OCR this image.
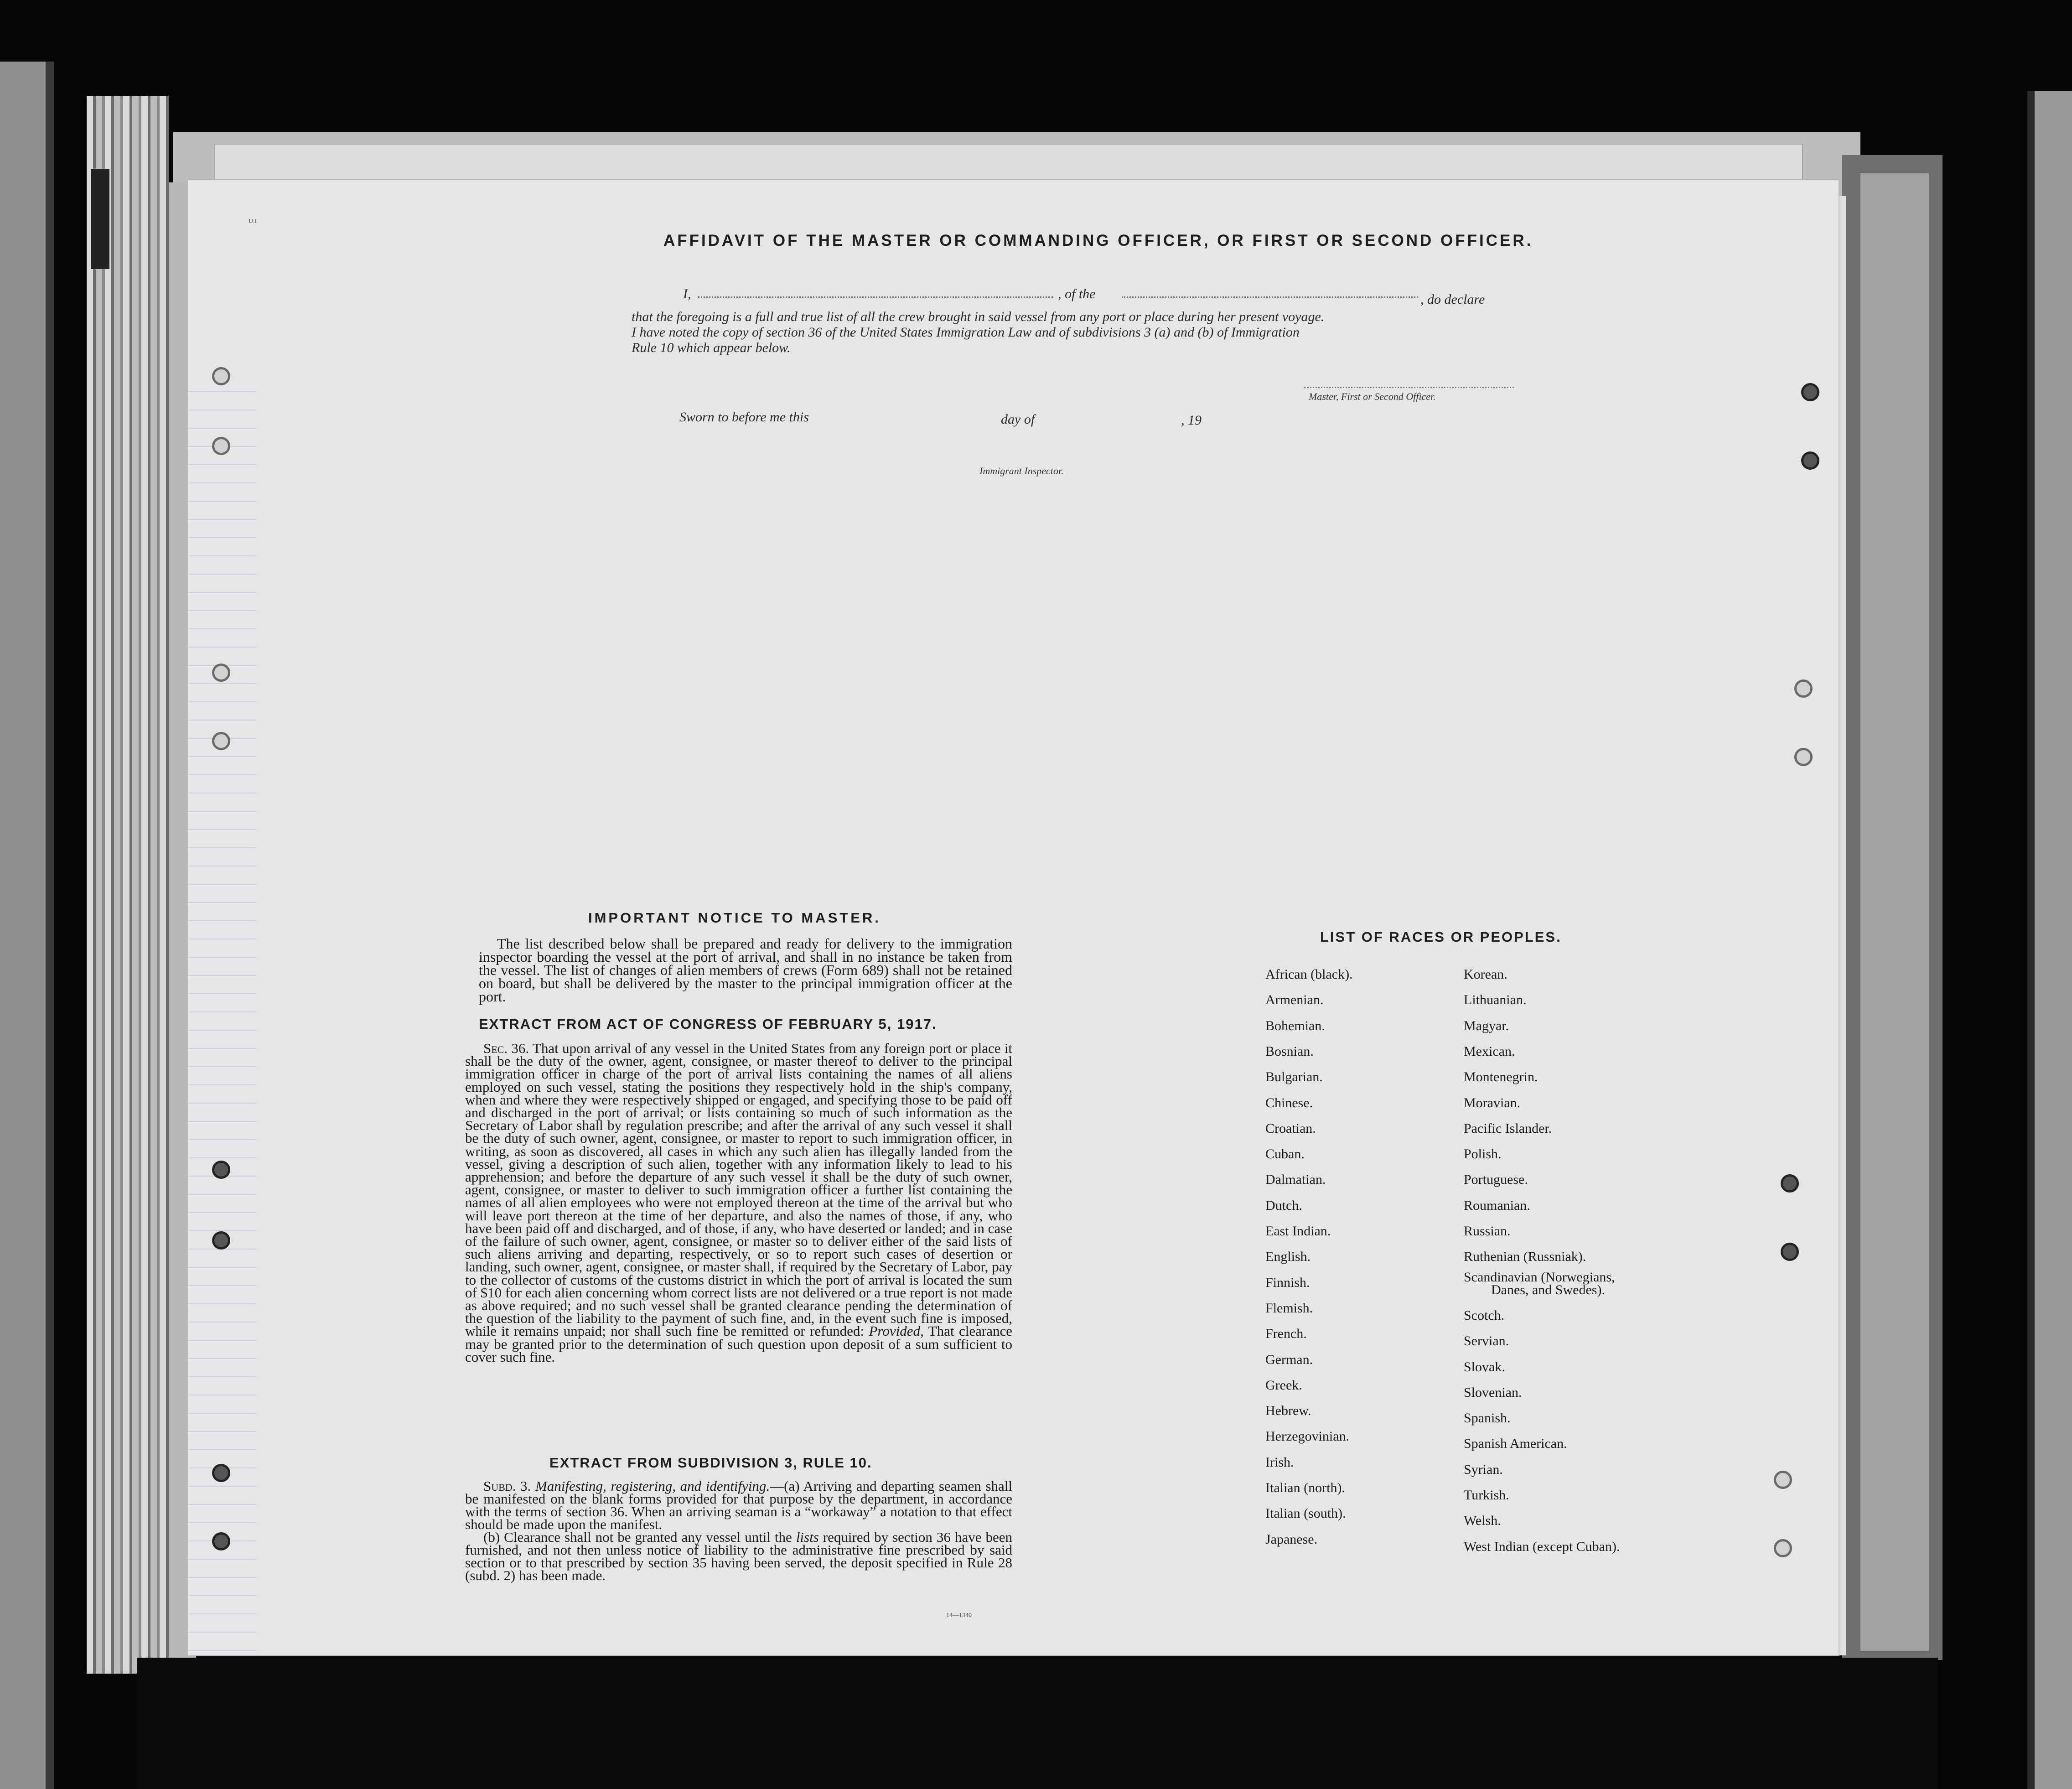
U.I
AFFIDAVIT OF THE MASTER OR COMMANDING OFFICER, OR FIRST OR SECOND OFFICER.
I,	, of the	, do declare
that the foregoing is a full and true list of all the crew brought in said vessel from any port or place during her present voyage.
I have noted the copy of section 36 of the United States Immigration Law and of subdivisions 3 (a) and (b) of Immigration
Rule 10 which appear below.
Master, First or Second Officer.
Sworn to before me this	day of	, 19
Immigrant Inspector.
IMPORTANT NOTICE TO MASTER.

The list described below shall be prepared and ready for delivery to the immigration inspector boarding the vessel at the port of arrival, and shall in no instance be taken from the vessel. The list of changes of alien members of crews (Form 689) shall not be retained on board, but shall be delivered by the master to the principal immigration officer at the port.

EXTRACT FROM ACT OF CONGRESS OF FEBRUARY 5, 1917.

Sec. 36. That upon arrival of any vessel in the United States from any foreign port or place it shall be the duty of the owner, agent, consignee, or master thereof to deliver to the principal immigration officer in charge of the port of arrival lists containing the names of all aliens employed on such vessel, stating the positions they respectively hold in the ship's company, when and where they were respectively shipped or engaged, and specifying those to be paid off and discharged in the port of arrival; or lists containing so much of such information as the Secretary of Labor shall by regulation prescribe; and after the arrival of any such vessel it shall be the duty of such owner, agent, consignee, or master to report to such immigration officer, in writing, as soon as discovered, all cases in which any such alien has illegally landed from the vessel, giving a description of such alien, together with any information likely to lead to his apprehension; and before the departure of any such vessel it shall be the duty of such owner, agent, consignee, or master to deliver to such immigration officer a further list containing the names of all alien employees who were not employed thereon at the time of the arrival but who will leave port thereon at the time of her departure, and also the names of those, if any, who have been paid off and discharged, and of those, if any, who have deserted or landed; and in case of the failure of such owner, agent, consignee, or master so to deliver either of the said lists of such aliens arriving and departing, respectively, or so to report such cases of desertion or landing, such owner, agent, consignee, or master shall, if required by the Secretary of Labor, pay to the collector of customs of the customs district in which the port of arrival is located the sum of $10 for each alien concerning whom correct lists are not delivered or a true report is not made as above required; and no such vessel shall be granted clearance pending the determination of the question of the liability to the payment of such fine, and, in the event such fine is imposed, while it remains unpaid; nor shall such fine be remitted or refunded: Provided, That clearance may be granted prior to the determination of such question upon deposit of a sum sufficient to cover such fine.

EXTRACT FROM SUBDIVISION 3, RULE 10.

Subd. 3. Manifesting, registering, and identifying.—(a) Arriving and departing seamen shall be manifested on the blank forms provided for that purpose by the department, in accordance with the terms of section 36. When an arriving seaman is a “workaway” a notation to that effect should be made upon the manifest.

(b) Clearance shall not be granted any vessel until the lists required by section 36 have been furnished, and not then unless notice of liability to the administrative fine prescribed by said section or to that prescribed by section 35 having been served, the deposit specified in Rule 28 (subd. 2) has been made.

14—1340
LIST OF RACES OR PEOPLES.
African (black).
Armenian.
Bohemian.
Bosnian.
Bulgarian.
Chinese.
Croatian.
Cuban.
Dalmatian.
Dutch.
East Indian.
English.
Finnish.
Flemish.
French.
German.
Greek.
Hebrew.
Herzegovinian.
Irish.
Italian (north).
Italian (south).
Japanese.
Korean.
Lithuanian.
Magyar.
Mexican.
Montenegrin.
Moravian.
Pacific Islander.
Polish.
Portuguese.
Roumanian.
Russian.
Ruthenian (Russniak).
Scandinavian (Norwegians,
Danes, and Swedes).
Scotch.
Servian.
Slovak.
Slovenian.
Spanish.
Spanish American.
Syrian.
Turkish.
Welsh.
West Indian (except Cuban).
